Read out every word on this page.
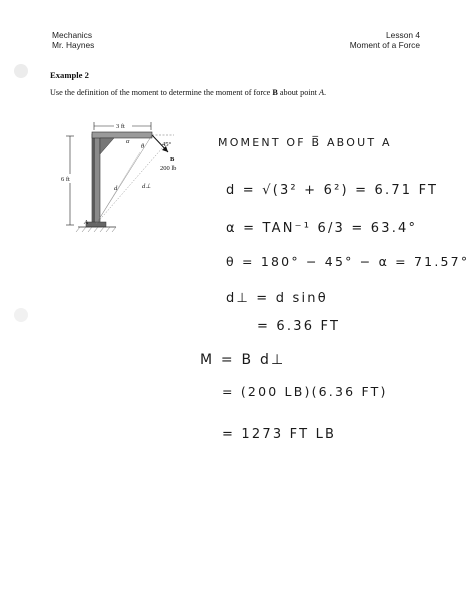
Mechanics
Mr. Haynes
Lesson 4
Moment of a Force
Example 2
Use the definition of the moment to determine the moment of force B about point A.
3 ft
6 ft
45°
B
200 lb
α
θ
d	d⊥
A
MOMENT OF B̅ ABOUT A
d = √(3² + 6²) = 6.71 FT
α = TAN⁻¹ 6/3 = 63.4°
θ = 180° − 45° − α = 71.57°
d⊥ = d sinθ
= 6.36 FT
M = B d⊥
= (200 LB)(6.36 FT)
= 1273 FT LB
